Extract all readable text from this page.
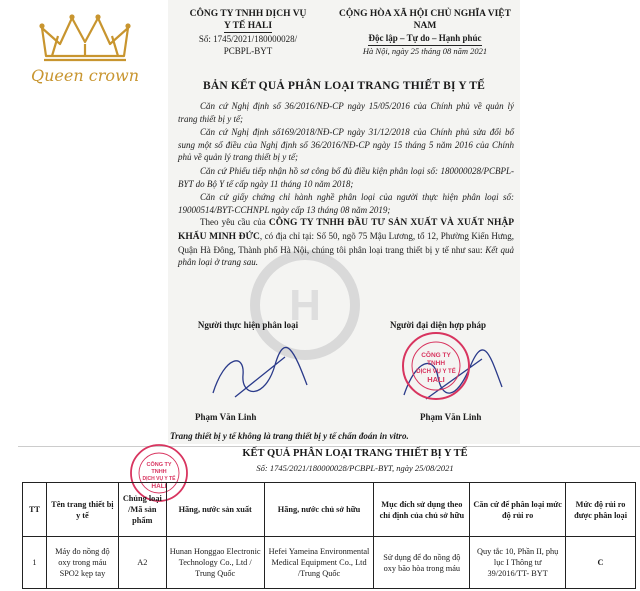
Queen crown
H
CÔNG TY TNHH DỊCH VỤ
Y TẾ HALI
Số: 1745/2021/180000028/
PCBPL-BYT
CỘNG HÒA XÃ HỘI CHỦ NGHĨA VIỆT NAM
Độc lập – Tự do – Hạnh phúc
Hà Nội, ngày 25 tháng 08 năm 2021
BẢN KẾT QUẢ PHÂN LOẠI TRANG THIẾT BỊ Y TẾ

Căn cứ Nghị định số 36/2016/NĐ-CP ngày 15/05/2016 của Chính phủ về quản lý trang thiết bị y tế;

Căn cứ Nghị định số169/2018/NĐ-CP ngày 31/12/2018 của Chính phủ sửa đổi bổ sung một số điều của Nghị định số 36/2016/NĐ-CP ngày 15 tháng 5 năm 2016 của Chính phủ về quản lý trang thiết bị y tế;

Căn cứ Phiếu tiếp nhận hồ sơ công bố đủ điều kiện phân loại số: 180000028/PCBPL-BYT do Bộ Y tế cấp ngày 11 tháng 10 năm 2018;

Căn cứ giấy chứng chỉ hành nghề phân loại của người thực hiện phân loại số: 19000514/BYT-CCHNPL ngày cấp 13 tháng 08 năm 2019;

Theo yêu cầu của CÔNG TY TNHH ĐẦU TƯ SẢN XUẤT VÀ XUẤT NHẬP KHẨU MINH ĐỨC, có địa chỉ tại: Số 50, ngõ 75 Mậu Lương, tổ 12, Phường Kiến Hưng, Quận Hà Đông, Thành phố Hà Nội, chúng tôi phân loại trang thiết bị y tế như sau: Kết quả phân loại ở trang sau.

Người thực hiện phân loại	Người đại diện hợp pháp
CÔNG TY
TNHH
DỊCH VỤ Y TẾ
HALI
Phạm Văn Linh	Phạm Văn Linh
Trang thiết bị y tế không là trang thiết bị y tế chẩn đoán in vitro.
CÔNG TY
TNHH
DỊCH VỤ Y TẾ
HALI
KẾT QUẢ PHÂN LOẠI TRANG THIẾT BỊ Y TẾ
Số: 1745/2021/180000028/PCBPL-BYT, ngày 25/08/2021
TT	Tên trang thiết bị y tế	Chủng loại /Mã sản phẩm	Hãng, nước sản xuất	Hãng, nước chủ sở hữu	Mục đích sử dụng theo chỉ định của chủ sở hữu	Căn cứ để phân loại mức độ rủi ro	Mức độ rủi ro được phân loại
1	Máy đo nồng độ oxy trong máu SPO2 kẹp tay	A2	Hunan Honggao Electronic Technology Co., Ltd / Trung Quốc	Hefei Yameina Environmental Medical Equipment Co., Ltd /Trung Quốc	Sử dụng để đo nồng độ oxy bão hòa trong máu	Quy tắc 10, Phần II, phụ lục I Thông tư 39/2016/TT- BYT	C
